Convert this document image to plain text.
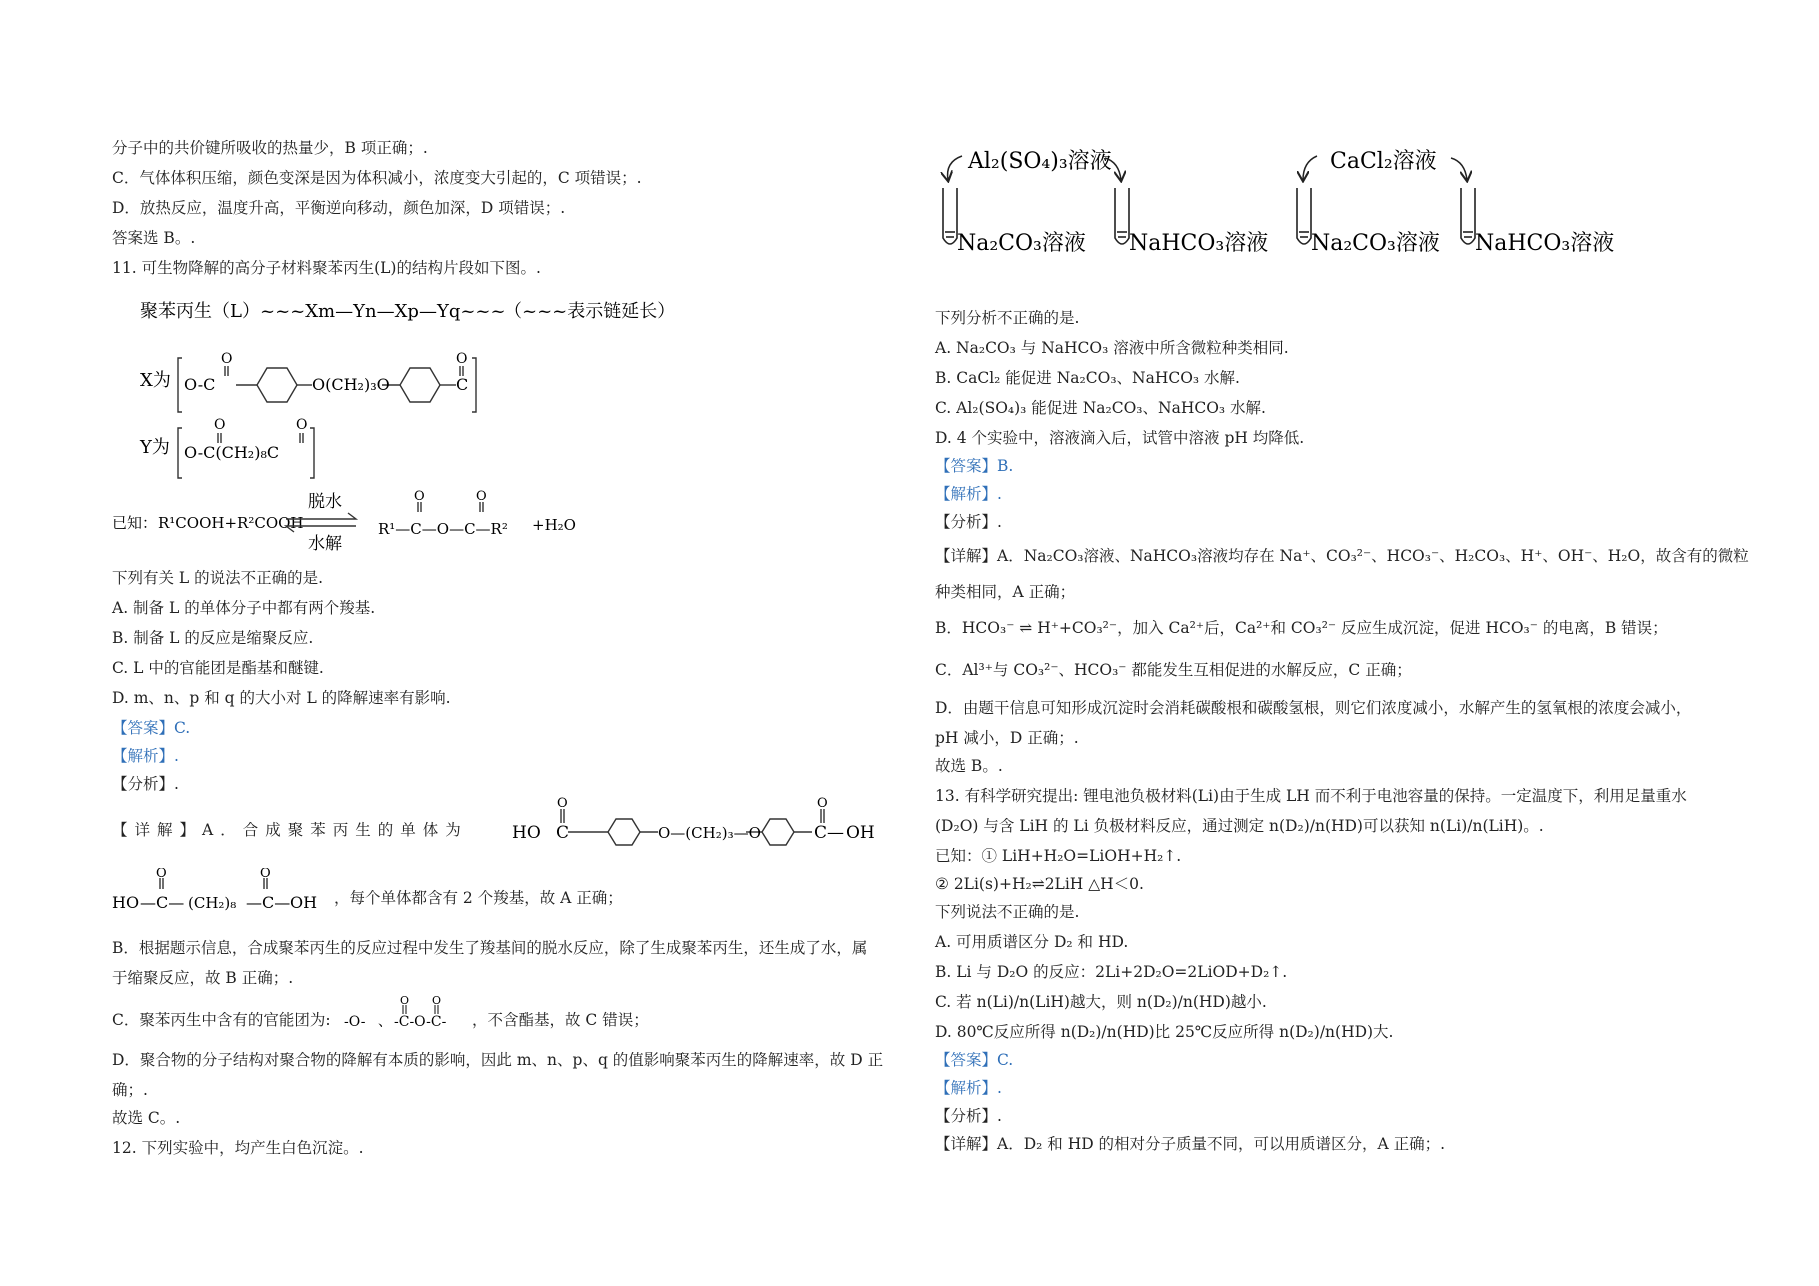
分子中的共价键所吸收的热量少，B 项正确；.
C．气体体积压缩，颜色变深是因为体积减小，浓度变大引起的，C 项错误；.
D．放热反应，温度升高，平衡逆向移动，颜色加深，D 项错误；.
答案选 B。.
11. 可生物降解的高分子材料聚苯丙生(L)的结构片段如下图。.
聚苯丙生（L） ~~~Xm—Yn—Xp—Yq~~~
（~~~表示链延长）
X为 O-C
O	O
C
O(CH₂)₃O
Y为
O	O
O-C(CH₂)₈C
已知： R¹COOH+R²COOH
脱水
水解
O	O
R¹—C—O—C—R² +H₂O
下列有关 L 的说法不正确的是.
A. 制备 L 的单体分子中都有两个羧基.
B. 制备 L 的反应是缩聚反应.
C. L 中的官能团是酯基和醚键.
D. m、n、p 和 q 的大小对 L 的降解速率有影响.
【答案】C.
【解析】.
【分析】.
【详解】A．合成聚苯丙生的单体为
O	O
HO C	O—(CH₂)₃—O	C— OH
O	O
HO —C— (CH₂)₈ —C— OH ，每个单体都含有 2 个羧基，故 A 正确；
B．根据题示信息，合成聚苯丙生的反应过程中发生了羧基间的脱水反应，除了生成聚苯丙生，还生成了水，属
于缩聚反应，故 B 正确；.
C．聚苯丙生中含有的官能团为:
O O
-O- 、 -C-O-C- ，不含酯基，故 C 错误；
D．聚合物的分子结构对聚合物的降解有本质的影响，因此 m、n、p、q 的值影响聚苯丙生的降解速率，故 D 正
确；.
故选 C。.
12. 下列实验中，均产生白色沉淀。.
Al₂(SO₄)₃溶液	CaCl₂溶液
Na₂CO₃溶液 NaHCO₃溶液 Na₂CO₃溶液 NaHCO₃溶液
下列分析不正确的是.
A. Na₂CO₃ 与 NaHCO₃ 溶液中所含微粒种类相同.
B. CaCl₂ 能促进 Na₂CO₃、NaHCO₃ 水解.
C. Al₂(SO₄)₃ 能促进 Na₂CO₃、NaHCO₃ 水解.
D. 4 个实验中，溶液滴入后，试管中溶液 pH 均降低.
【答案】B.
【解析】.
【分析】.
【详解】A．Na₂CO₃溶液、NaHCO₃溶液均存在 Na⁺、CO₃²⁻、HCO₃⁻、H₂CO₃、H⁺、OH⁻、H₂O，故含有的微粒
种类相同，A 正确；
B．HCO₃⁻ ⇌ H⁺+CO₃²⁻，加入 Ca²⁺后，Ca²⁺和 CO₃²⁻ 反应生成沉淀，促进 HCO₃⁻ 的电离，B 错误；
C．Al³⁺与 CO₃²⁻、HCO₃⁻ 都能发生互相促进的水解反应，C 正确；
D．由题干信息可知形成沉淀时会消耗碳酸根和碳酸氢根，则它们浓度减小，水解产生的氢氧根的浓度会减小，
pH 减小，D 正确；.
故选 B。.
13. 有科学研究提出: 锂电池负极材料(Li)由于生成 LH 而不利于电池容量的保持。一定温度下，利用足量重水
(D₂O) 与含 LiH 的 Li 负极材料反应，通过测定 n(D₂)/n(HD)可以获知 n(Li)/n(LiH)。.
已知：① LiH+H₂O=LiOH+H₂↑.
② 2Li(s)+H₂⇌2LiH △H＜0.
下列说法不正确的是.
A. 可用质谱区分 D₂ 和 HD.
B. Li 与 D₂O 的反应：2Li+2D₂O=2LiOD+D₂↑.
C. 若 n(Li)/n(LiH)越大，则 n(D₂)/n(HD)越小.
D. 80℃反应所得 n(D₂)/n(HD)比 25℃反应所得 n(D₂)/n(HD)大.
【答案】C.
【解析】.
【分析】.
【详解】A．D₂ 和 HD 的相对分子质量不同，可以用质谱区分，A 正确；.
